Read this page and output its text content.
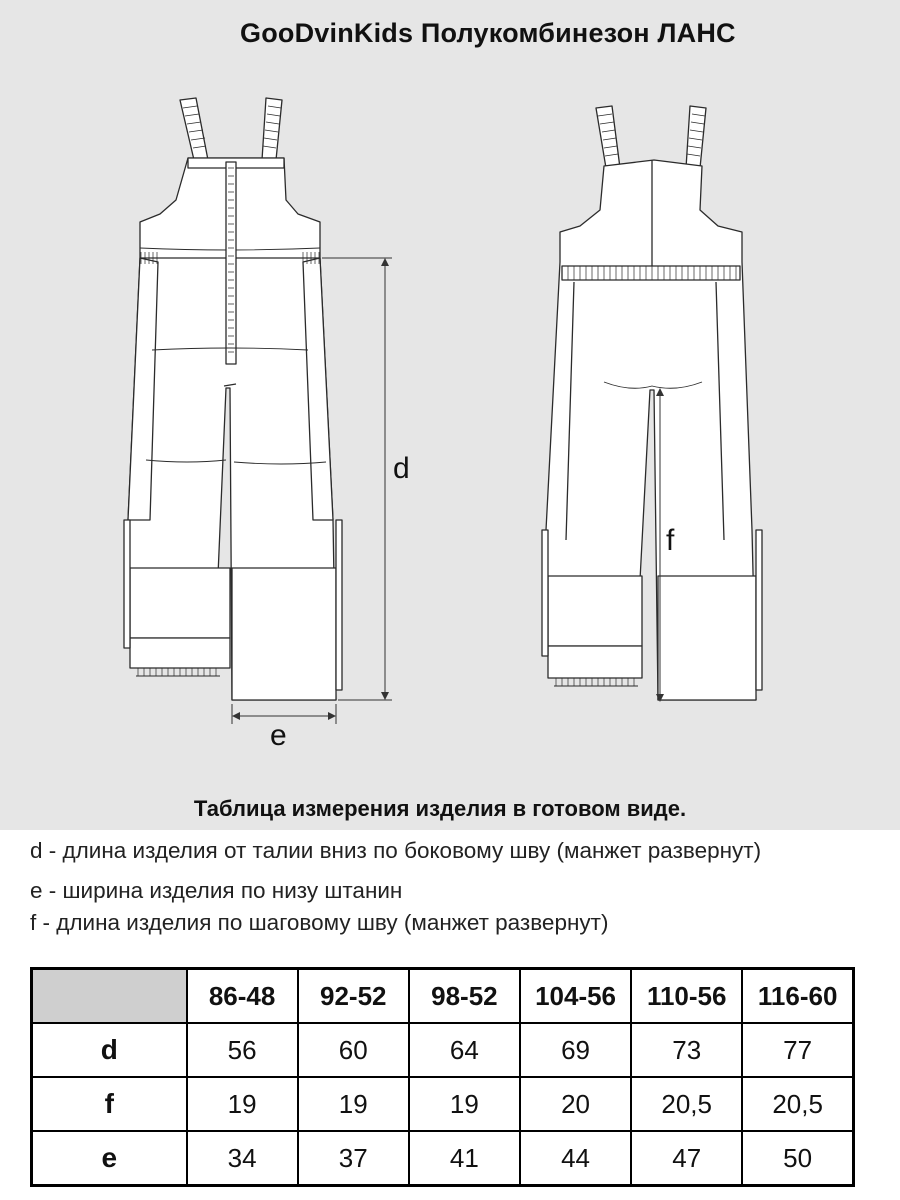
GooDvinKids Полукомбинезон ЛАНС
d
e
f
Таблица измерения изделия в готовом виде.
d - длина изделия от талии вниз по боковому шву (манжет развернут)
e - ширина изделия по низу штанин
f - длина изделия по шаговому шву (манжет развернут)
	86-48	92-52	98-52	104-56	110-56	116-60
d	56	60	64	69	73	77
f	19	19	19	20	20,5	20,5
e	34	37	41	44	47	50
